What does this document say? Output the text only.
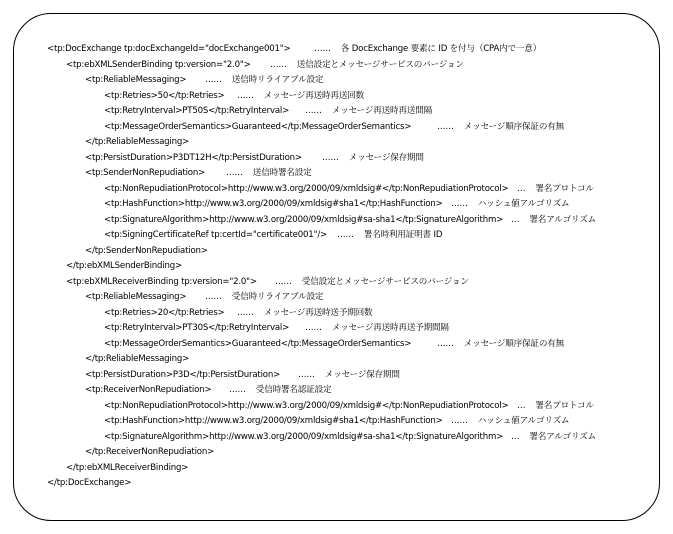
<tp:DocExchange tp:docExchangeId="docExchange001">	…… 各 DocExchange 要素に ID を付与（CPA内で一意）
<tp:ebXMLSenderBinding tp:version="2.0"> …… 送信設定とメッセージサービスのバージョン
<tp:ReliableMessaging> …… 送信時リライアブル設定
<tp:Retries>50</tp:Retries> …… メッセージ再送時再送回数
<tp:RetryInterval>PT50S</tp:RetryInterval> …… メッセージ再送時再送間隔
<tp:MessageOrderSemantics>Guaranteed</tp:MessageOrderSemantics>	…… メッセージ順序保証の有無
</tp:ReliableMessaging>
<tp:PersistDuration>P3DT12H</tp:PersistDuration> …… メッセージ保存期間
<tp:SenderNonRepudiation> …… 送信時署名設定
<tp:NonRepudiationProtocol>http://www.w3.org/2000/09/xmldsig#</tp:NonRepudiationProtocol> … 署名プロトコル
<tp:HashFunction>http://www.w3.org/2000/09/xmldsig#sha1</tp:HashFunction> …… ハッシュ値アルゴリズム
<tp:SignatureAlgorithm>http://www.w3.org/2000/09/xmldsig#sa-sha1</tp:SignatureAlgorithm> … 署名アルゴリズム
<tp:SigningCertificateRef tp:certId="certificate001"/> …… 署名時利用証明書 ID
</tp:SenderNonRepudiation>
</tp:ebXMLSenderBinding>
<tp:ebXMLReceiverBinding tp:version="2.0"> …… 受信設定とメッセージサービスのバージョン
<tp:ReliableMessaging> …… 受信時リライアブル設定
<tp:Retries>20</tp:Retries> …… メッセージ再送時送予期回数
<tp:RetryInterval>PT30S</tp:RetryInterval> …… メッセージ再送時再送予期間隔
<tp:MessageOrderSemantics>Guaranteed</tp:MessageOrderSemantics>	…… メッセージ順序保証の有無
</tp:ReliableMessaging>
<tp:PersistDuration>P3D</tp:PersistDuration> …… メッセージ保存期間
<tp:ReceiverNonRepudiation> …… 受信時署名認証設定
<tp:NonRepudiationProtocol>http://www.w3.org/2000/09/xmldsig#</tp:NonRepudiationProtocol> … 署名プロトコル
<tp:HashFunction>http://www.w3.org/2000/09/xmldsig#sha1</tp:HashFunction> …… ハッシュ値アルゴリズム
<tp:SignatureAlgorithm>http://www.w3.org/2000/09/xmldsig#sa-sha1</tp:SignatureAlgorithm> … 署名アルゴリズム
</tp:ReceiverNonRepudiation>
</tp:ebXMLReceiverBinding>
</tp:DocExchange>
